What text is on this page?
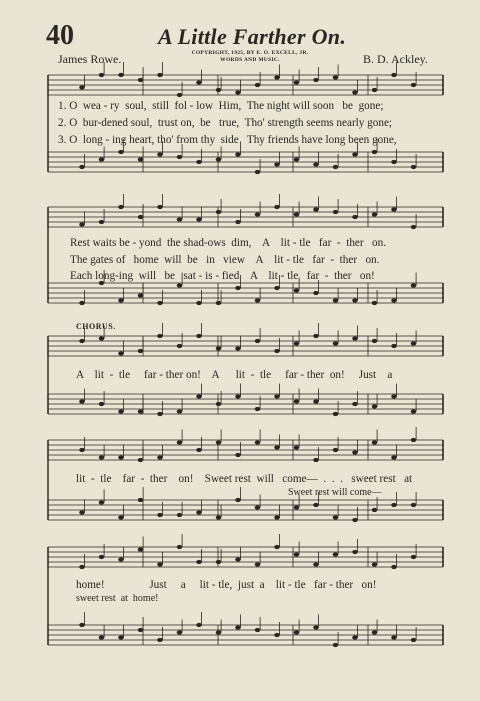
40	A Little Farther On.
James Rowe.	COPYRIGHT, 1925, BY E. O. EXCELL, JR.
WORDS AND MUSIC.	B. D. Ackley.
1. O  wea - ry  soul,  still  fol - low  Him,  The night will soon   be  gone;
2. O  bur-dened soul,  trust on,  be   true,  Tho' strength seems nearly gone;
3. O  long - ing heart, tho' from thy  side   Thy friends have long been gone,
Rest waits be - yond  the shad-ows  dim,    A    lit - tle   far  -  ther   on.
The gates of   home  will  be   in   view    A    lit - tle   far  -  ther   on.
Each long-ing  will   be   sat - is - fied    A    lit - tle   far  -  ther   on!
CHORUS.
A    lit  -  tle     far - ther on!    A      lit  -  tle     far - ther  on!     Just    a
lit  -  tle    far  -  ther    on!    Sweet rest  will   come—  .  .  .   sweet rest   at
Sweet rest will come—
home!                Just     a     lit - tle,  just  a    lit - tle   far - ther   on!
sweet rest  at  home!
